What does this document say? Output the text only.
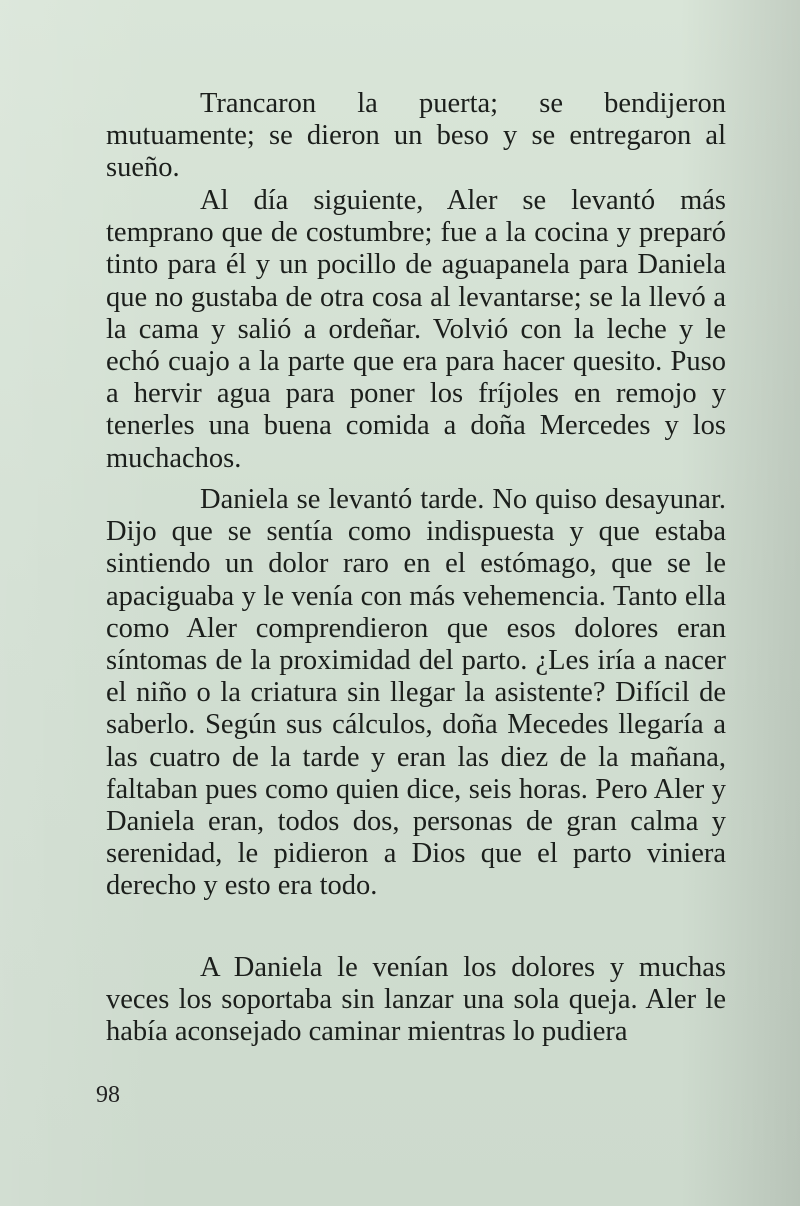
Trancaron la puerta; se bendijeron mutuamente; se dieron un beso y se entregaron al sueño.

Al día siguiente, Aler se levantó más temprano que de costumbre; fue a la cocina y preparó tinto para él y un pocillo de aguapanela para Daniela que no gustaba de otra cosa al levantarse; se la llevó a la cama y salió a ordeñar. Volvió con la leche y le echó cuajo a la parte que era para hacer quesito. Puso a hervir agua para poner los fríjoles en remojo y tenerles una buena comida a doña Mercedes y los muchachos.

Daniela se levantó tarde. No quiso desayunar. Dijo que se sentía como indispuesta y que estaba sintiendo un dolor raro en el estómago, que se le apaciguaba y le venía con más vehemencia. Tanto ella como Aler comprendieron que esos dolores eran síntomas de la proximidad del parto. ¿Les iría a nacer el niño o la criatura sin llegar la asistente? Difícil de saberlo. Según sus cálculos, doña Mecedes llegaría a las cuatro de la tarde y eran las diez de la mañana, faltaban pues como quien dice, seis horas. Pero Aler y Daniela eran, todos dos, personas de gran calma y serenidad, le pidieron a Dios que el parto viniera derecho y esto era todo.

A Daniela le venían los dolores y muchas veces los soportaba sin lanzar una sola queja. Aler le había aconsejado caminar mientras lo pudiera

98
